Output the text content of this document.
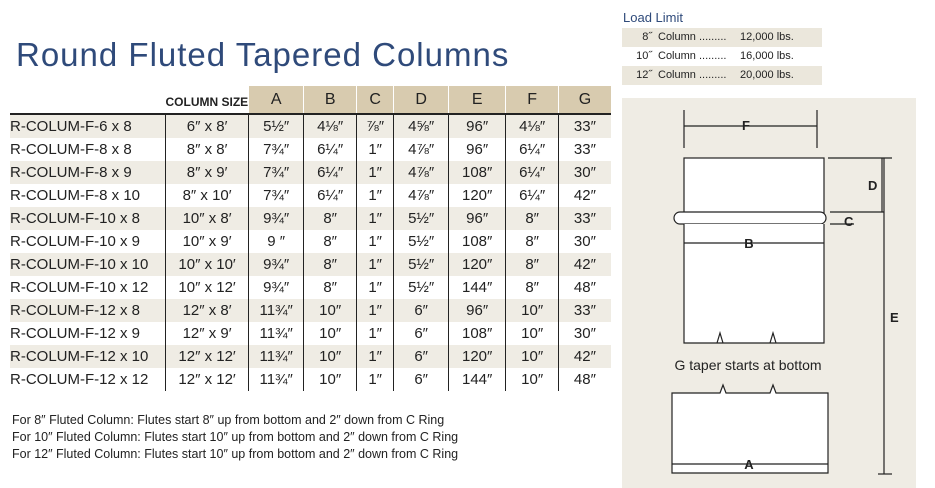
Round Fluted Tapered Columns
Load Limit
8˝ Column .........	12,000 lbs.
10˝ Column .........	16,000 lbs.
12˝ Column .........	20,000 lbs.
	COLUMN SIZE	A	B	C	D	E	F	G
R-COLUM-F-6 x 8	6″ x 8′	5½″	4⅛″	⅞″	4⅝″	96″	4⅛″	33″
R-COLUM-F-8 x 8	8″ x 8′	7¾″	6¼″	1″	4⅞″	96″	6¼″	33″
R-COLUM-F-8 x 9	8″ x 9′	7¾″	6¼″	1″	4⅞″	108″	6¼″	30″
R-COLUM-F-8 x 10	8″ x 10′	7¾″	6¼″	1″	4⅞″	120″	6¼″	42″
R-COLUM-F-10 x 8	10″ x 8′	9¾″	8″	1″	5½″	96″	8″	33″
R-COLUM-F-10 x 9	10″ x 9′	9 ″	8″	1″	5½″	108″	8″	30″
R-COLUM-F-10 x 10	10″ x 10′	9¾″	8″	1″	5½″	120″	8″	42″
R-COLUM-F-10 x 12	10″ x 12′	9¾″	8″	1″	5½″	144″	8″	48″
R-COLUM-F-12 x 8	12″ x 8′	11¾″	10″	1″	6″	96″	10″	33″
R-COLUM-F-12 x 9	12″ x 9′	11¾″	10″	1″	6″	108″	10″	30″
R-COLUM-F-12 x 10	12″ x 12′	11¾″	10″	1″	6″	120″	10″	42″
R-COLUM-F-12 x 12	12″ x 12′	11¾″	10″	1″	6″	144″	10″	48″
For 8″ Fluted Column: Flutes start 8″ up from bottom and 2″ down from C Ring
For 10″ Fluted Column: Flutes start 10″ up from bottom and 2″ down from C Ring
For 12″ Fluted Column: Flutes start 10″ up from bottom and 2″ down from C Ring
F
D
C
B
E
A
G taper starts at bottom
